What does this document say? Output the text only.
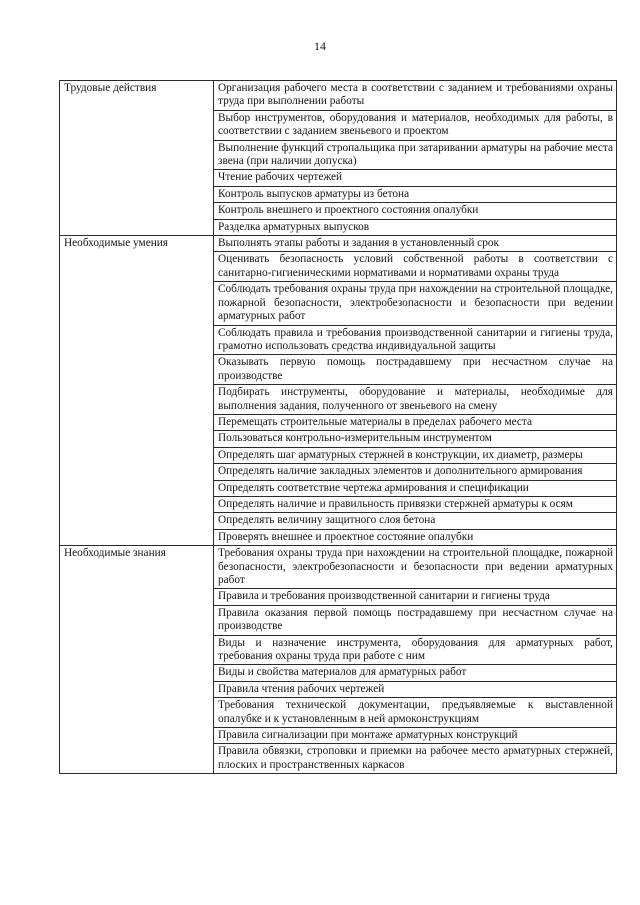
14
Трудовые действия	Организация рабочего места в соответствии с заданием и требованиями охраны труда при выполнении работы
	Выбор инструментов, оборудования и материалов, необходимых для работы, в соответствии с заданием звеньевого и проектом
	Выполнение функций стропальщика при затаривании арматуры на рабочие места звена (при наличии допуска)
	Чтение рабочих чертежей
	Контроль выпусков арматуры из бетона
	Контроль внешнего и проектного состояния опалубки
	Разделка арматурных выпусков
Необходимые умения	Выполнять этапы работы и задания в установленный срок
	Оценивать безопасность условий собственной работы в соответствии с санитарно-гигиеническими нормативами и нормативами охраны труда
	Соблюдать требования охраны труда при нахождении на строительной площадке, пожарной безопасности, электробезопасности и безопасности при ведении арматурных работ
	Соблюдать правила и требования производственной санитарии и гигиены труда, грамотно использовать средства индивидуальной защиты
	Оказывать первую помощь пострадавшему при несчастном случае на производстве
	Подбирать инструменты, оборудование и материалы, необходимые для выполнения задания, полученного от звеньевого на смену
	Перемещать строительные материалы в пределах рабочего места
	Пользоваться контрольно-измерительным инструментом
	Определять шаг арматурных стержней в конструкции, их диаметр, размеры
	Определять наличие закладных элементов и дополнительного армирования
	Определять соответствие чертежа армирования и спецификации
	Определять наличие и правильность привязки стержней арматуры к осям
	Определять величину защитного слоя бетона
	Проверять внешнее и проектное состояние опалубки
Необходимые знания	Требования охраны труда при нахождении на строительной площадке, пожарной безопасности, электробезопасности и безопасности при ведении арматурных работ
	Правила и требования производственной санитарии и гигиены труда
	Правила оказания первой помощь пострадавшему при несчастном случае на производстве
	Виды и назначение инструмента, оборудования для арматурных работ, требования охраны труда при работе с ним
	Виды и свойства материалов для арматурных работ
	Правила чтения рабочих чертежей
	Требования технической документации, предъявляемые к выставленной опалубке и к установленным в ней армоконструкциям
	Правила сигнализации при монтаже арматурных конструкций
	Правила обвязки, строповки и приемки на рабочее место арматурных стержней, плоских и пространственных каркасов
